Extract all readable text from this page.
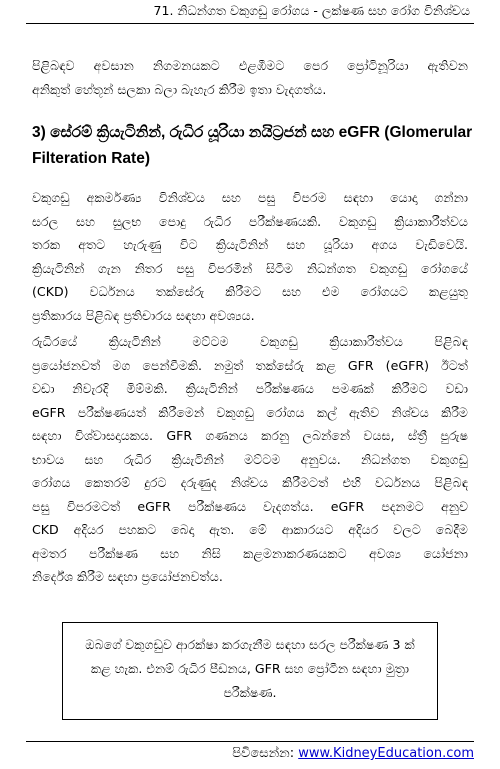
71. නිධන්ගත වකුගඩු රෝගය - ලක්ෂණ සහ රෝග විනිශ්චය
පිළිබඳව අවසාන නිගමනයකට එළඹීමට පෙර ප්‍රෝටිනූරියා ඇතිවන
අනිකුත් හේතූන් සලකා බලා බැහැර කිරීම ඉතා වැදගත්ය.
3) සේරම් ක්‍රියැටිනින්, රුධිර යූරියා නයිට්‍රජන් සහ eGFR (Glomerular
Filteration Rate)
වකුගඩු අකර්මණ්‍ය විනිශ්චය සහ පසු විපරම සඳහා යොදා ගන්නා
සරල සහ සුලභ පොදු රුධිර පරීක්ෂණයකි. වකුගඩු ක්‍රියාකාරීත්වය
තරක අතට හැරුණු විට ක්‍රියැටිනින් සහ යූරියා අගය වැඩිවෙයි.
ක්‍රියැටිනින් ගැන නිතර පසු විපරමින් සිටීම නිධන්ගත වකුගඩු රෝගයේ
(CKD) වර්ධනය තක්සේරු කිරීමට සහ එම රෝගයට කළයුතු
ප්‍රතිකාරය පිළිබඳ ප්‍රතිචාරය සඳහා අවශ්‍යය.
රුධිරයේ ක්‍රියැටිනින් මට්ටම වකුගඩු ක්‍රියාකාරීත්වය පිළිබඳ
ප්‍රයෝජනවත් මග පෙන්වීමකි. නමුත් තක්සේරු කළ GFR (eGFR) ඊටත්
වඩා නිවැරදි මිම්මකි. ක්‍රියැටිනින් පරීක්ෂණය පමණක් කිරීමට වඩා
eGFR පරීක්ෂණයත් කිරීමෙන් වකුගඩු රෝගය කල් ඇතිව නිශ්චය කිරීම
සඳහා විශ්වාසදායකය. GFR ගණනය කරනු ලබන්නේ වයස, ස්ත්‍රී පුරුෂ
භාවය සහ රුධිර ක්‍රියැටිනින් මට්ටම අනුවය. නිධන්ගත වකුගඩු
රෝගය කෙතරම් දුරට දරුණුද නිශ්චය කිරීමටත් එහි වර්ධනය පිළිබඳ
පසු විපරමටත් eGFR පරීක්ෂණය වැදගත්ය. eGFR පදනමට අනුව
CKD අදියර පහකට බෙදා ඇත. මේ ආකාරයට අදියර වලට බෙදීම
අමතර පරීක්ෂණ සහ නිසි කළමනාකරණයකට අවශ්‍ය යෝජනා
නිර්දේශ කිරීම සඳහා ප්‍රයෝජනවත්ය.
ඔබගේ වකුගඩුව ආරක්ෂා කරගැනීම සඳහා සරල පරීක්ෂණ 3 ක්
කළ හැක. එනම් රුධිර පීඩනය, GFR සහ ප්‍රෝටීන සඳහා මුත්‍රා
පරීක්ෂණ.
පිවිසෙන්න: www.KidneyEducation.com
